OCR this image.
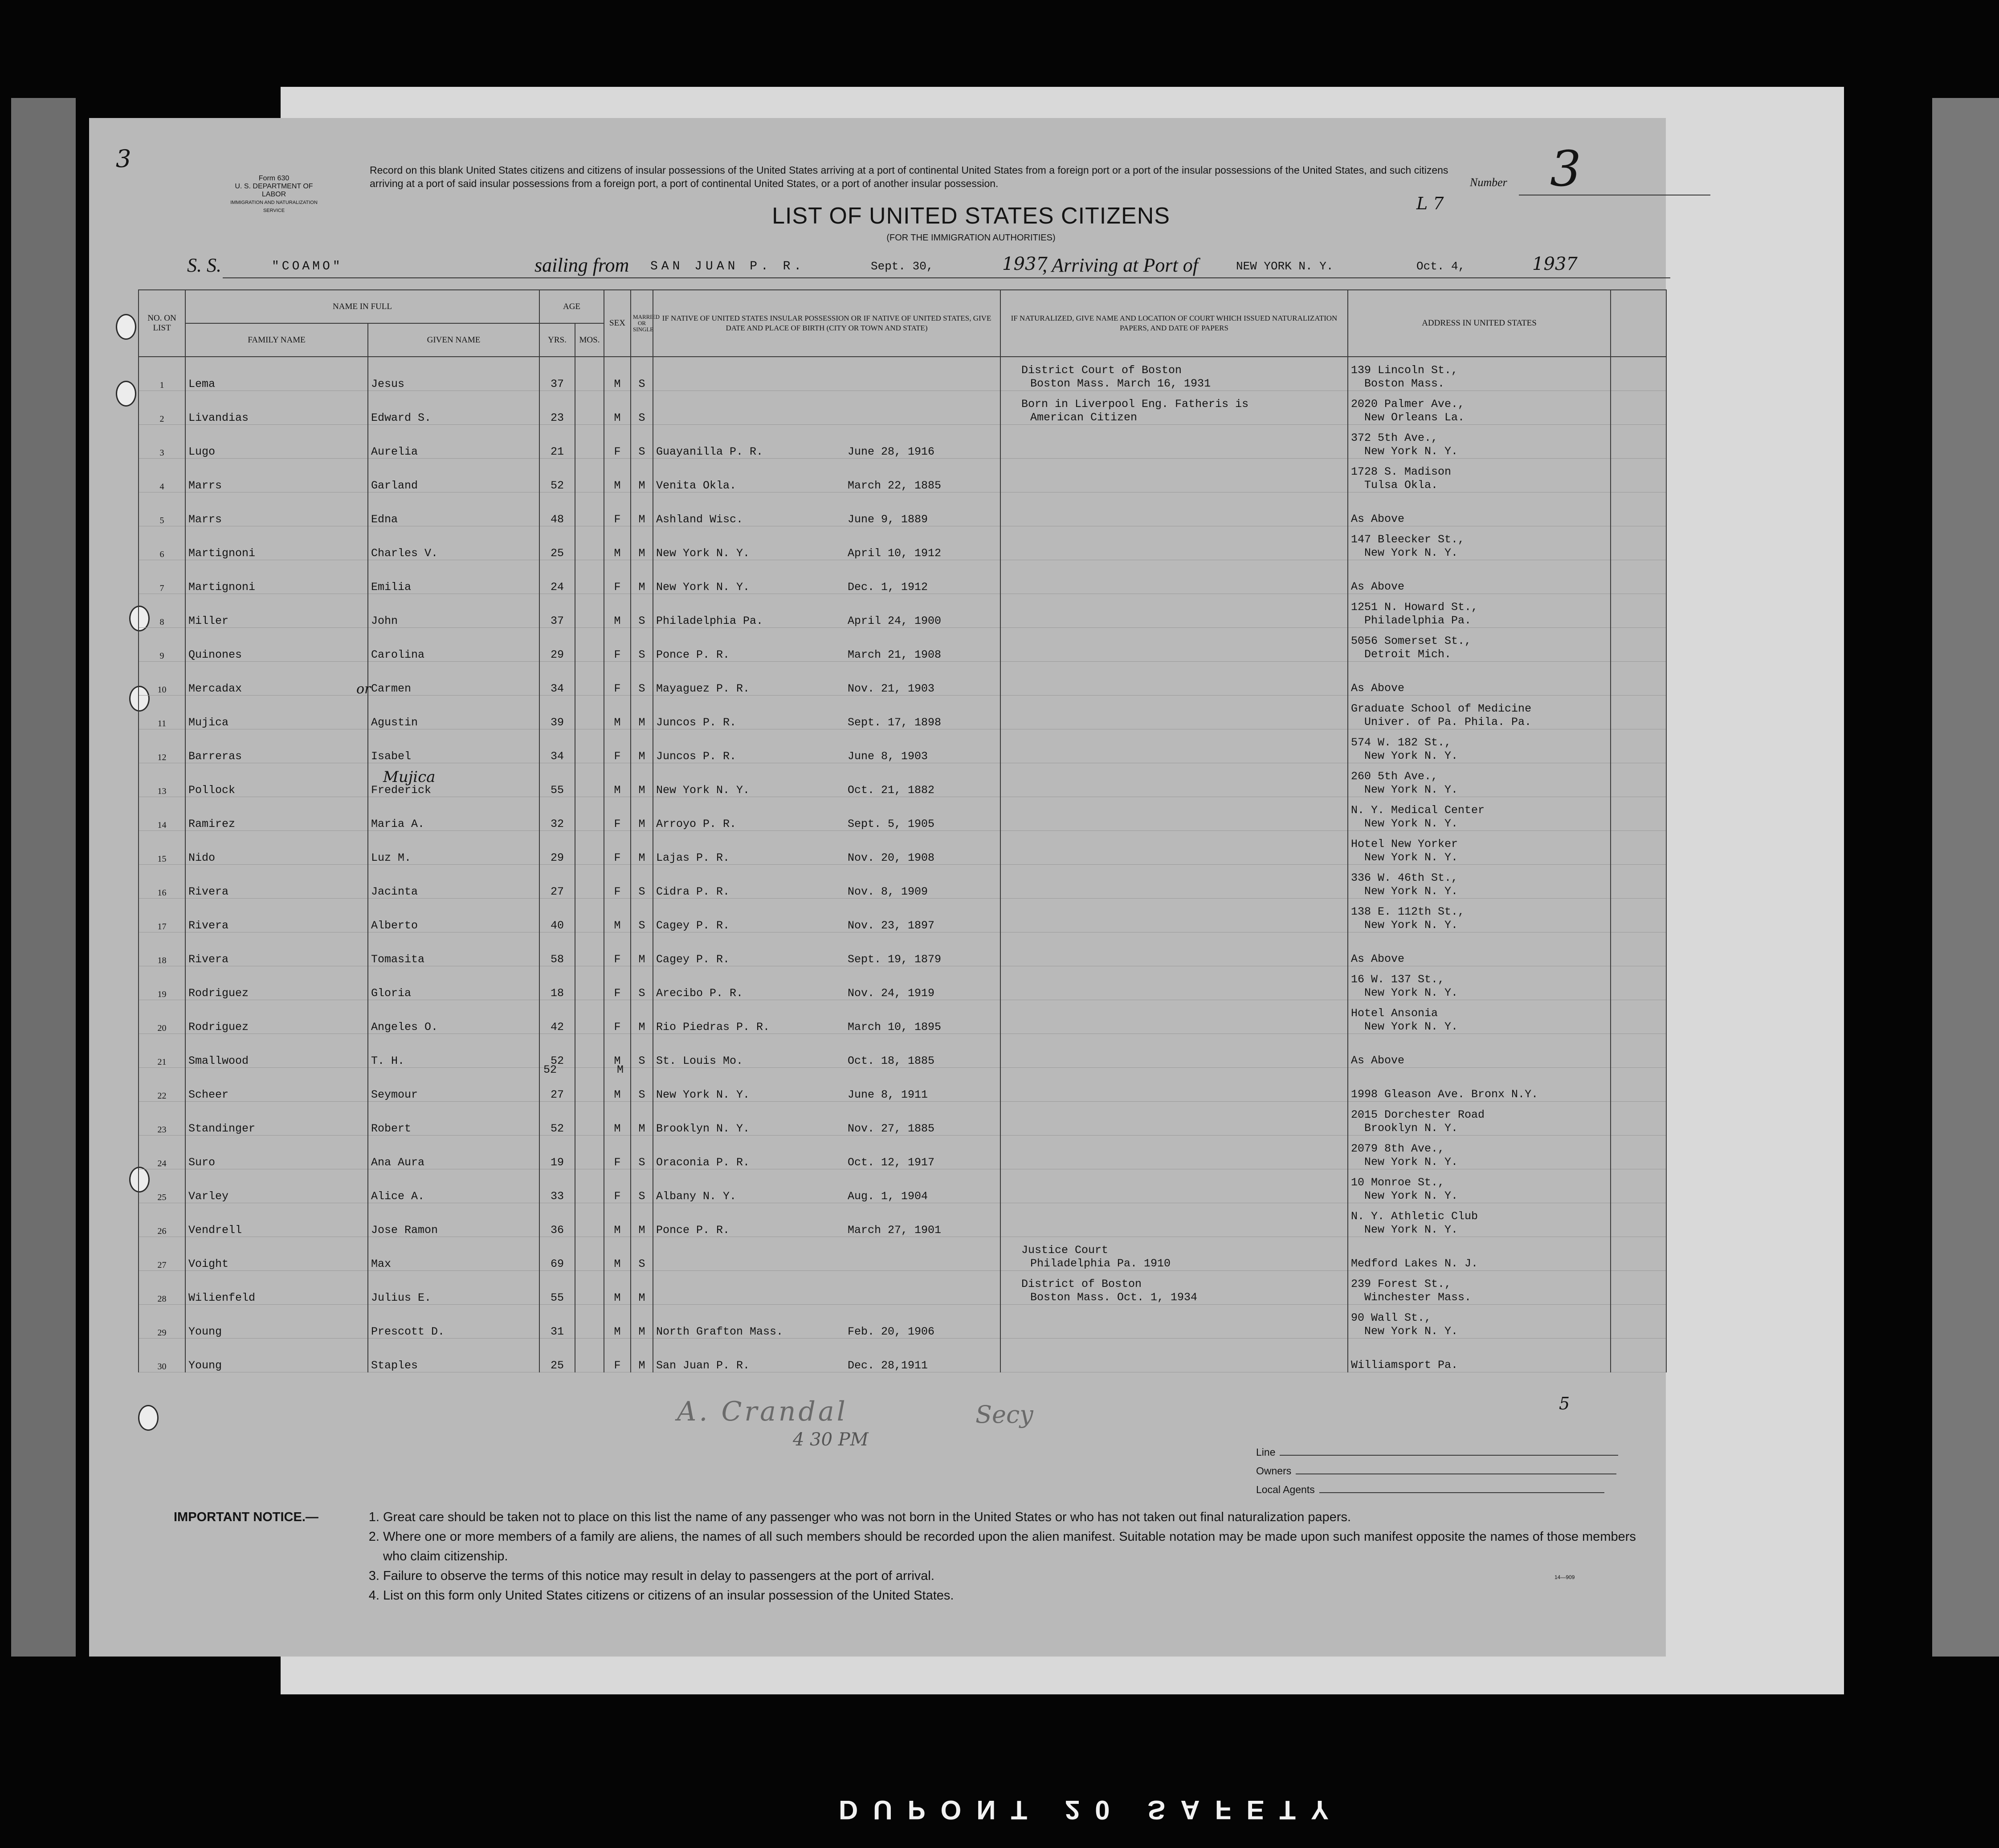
3
Form 630
U. S. DEPARTMENT OF LABOR
IMMIGRATION AND NATURALIZATION SERVICE
Record on this blank United States citizens and citizens of insular possessions of the United States arriving at a port of continental United States from a foreign port or a port of the insular possessions of the United States, and such citizens arriving at a port of said insular possessions from a foreign port, a port of continental United States, or a port of another insular possession.	Number 3
L 7
LIST OF UNITED STATES CITIZENS
(FOR THE IMMIGRATION AUTHORITIES)
S. S.	"COAMO"	sailing from SAN JUAN P. R.	Sept. 30,	1937
, Arriving at Port of	NEW YORK N. Y.	Oct. 4,	1937
NO. ON LIST	NAME IN FULL		AGE		SEX	MARRIED OR SINGLE	IF NATIVE OF UNITED STATES INSULAR POSSESSION OR IF NATIVE OF UNITED STATES, GIVE DATE AND PLACE OF BIRTH (CITY OR TOWN AND STATE)	IF NATURALIZED, GIVE NAME AND LOCATION OF COURT WHICH ISSUED NATURALIZATION PAPERS, AND DATE OF PAPERS	ADDRESS IN UNITED STATES	
	FAMILY NAME	GIVEN NAME	YRS.	MOS.						
1	Lema	Jesus	37		M	S		District Court of Boston
Boston Mass. March 16, 1931	139 Lincoln St.,
Boston Mass.	

2	Livandias	Edward S.	23		M	S		Born in Liverpool Eng. Fatheris is
American Citizen	2020 Palmer Ave.,
New Orleans La.	

3	Lugo	Aurelia	21		F	S	Guayanilla P. R. June 28, 1916		372 5th Ave.,
New York N. Y.	

4	Marrs	Garland	52		M	M	Venita Okla. March 22, 1885		1728 S. Madison
Tulsa Okla.	

5	Marrs	Edna	48		F	M	Ashland Wisc. June 9, 1889		As Above	

6	Martignoni	Charles V.	25		M	M	New York N. Y. April 10, 1912		147 Bleecker St.,
New York N. Y.	

7	Martignoni	Emilia	24		F	M	New York N. Y. Dec. 1, 1912		As Above	

8	Miller	John	37		M	S	Philadelphia Pa. April 24, 1900		1251 N. Howard St.,
Philadelphia Pa.	

9	Quinones	Carolina	29		F	S	Ponce P. R. March 21, 1908		5056 Somerset St.,
Detroit Mich.	

10	Mercadax	Carmen	34		F	S	Mayaguez P. R. Nov. 21, 1903		As Above	

11	Mujica	Agustin	39		M	M	Juncos P. R. Sept. 17, 1898		Graduate School of Medicine
Univer. of Pa. Phila. Pa.	

12	Barreras	Isabel	34		F	M	Juncos P. R. June 8, 1903		574 W. 182 St.,
New York N. Y.	

13	Pollock	Frederick	55		M	M	New York N. Y. Oct. 21, 1882		260 5th Ave.,
New York N. Y.	

14	Ramirez	Maria A.	32		F	M	Arroyo P. R. Sept. 5, 1905		N. Y. Medical Center
New York N. Y.	

15	Nido	Luz M.	29		F	M	Lajas P. R. Nov. 20, 1908		Hotel New Yorker
New York N. Y.	

16	Rivera	Jacinta	27		F	S	Cidra P. R. Nov. 8, 1909		336 W. 46th St.,
New York N. Y.	

17	Rivera	Alberto	40		M	S	Cagey P. R. Nov. 23, 1897		138 E. 112th St.,
New York N. Y.	

18	Rivera	Tomasita	58		F	M	Cagey P. R. Sept. 19, 1879		As Above	

19	Rodriguez	Gloria	18		F	S	Arecibo P. R. Nov. 24, 1919		16 W. 137 St.,
New York N. Y.	

20	Rodriguez	Angeles O.	42		F	M	Rio Piedras P. R. March 10, 1895		Hotel Ansonia
New York N. Y.	

21	Smallwood	T. H.	52		M	S	St. Louis Mo. Oct. 18, 1885		As Above	

22	Scheer	Seymour	27		M	S	New York N. Y. June 8, 1911		1998 Gleason Ave. Bronx N.Y.	

23	Standinger	Robert	52		M	M	Brooklyn N. Y. Nov. 27, 1885		2015 Dorchester Road
Brooklyn N. Y.	

24	Suro	Ana Aura	19		F	S	Oraconia P. R. Oct. 12, 1917		2079 8th Ave.,
New York N. Y.	

25	Varley	Alice A.	33		F	S	Albany N. Y. Aug. 1, 1904		10 Monroe St.,
New York N. Y.	

26	Vendrell	Jose Ramon	36		M	M	Ponce P. R. March 27, 1901		N. Y. Athletic Club
New York N. Y.	

27	Voight	Max	69		M	S		Justice Court
Philadelphia Pa. 1910	Medford Lakes N. J.	

28	Wilienfeld	Julius E.	55		M	M		District of Boston
Boston Mass. Oct. 1, 1934	239 Forest St.,
Winchester Mass.	

29	Young	Prescott D.	31		M	M	North Grafton Mass. Feb. 20, 1906		90 Wall St.,
New York N. Y.	

30	Young	Staples	25		F	M	San Juan P. R. Dec. 28,1911		Williamsport Pa.	

or
Mujica
52	M
5
A. Crandal	Secy
4 30 PM
Line
Owners
Local Agents
IMPORTANT NOTICE.—	1. Great care should be taken not to place on this list the name of any passenger who was not born in the United States or who has not taken out final naturalization papers.
2. Where one or more members of a family are aliens, the names of all such members should be recorded upon the alien manifest. Suitable notation may be made upon such manifest opposite the names of those members who claim citizenship.
3. Failure to observe the terms of this notice may result in delay to passengers at the port of arrival.
4. List on this form only United States citizens or citizens of an insular possession of the United States.
14—909
DUPONT 20 SAFETY
